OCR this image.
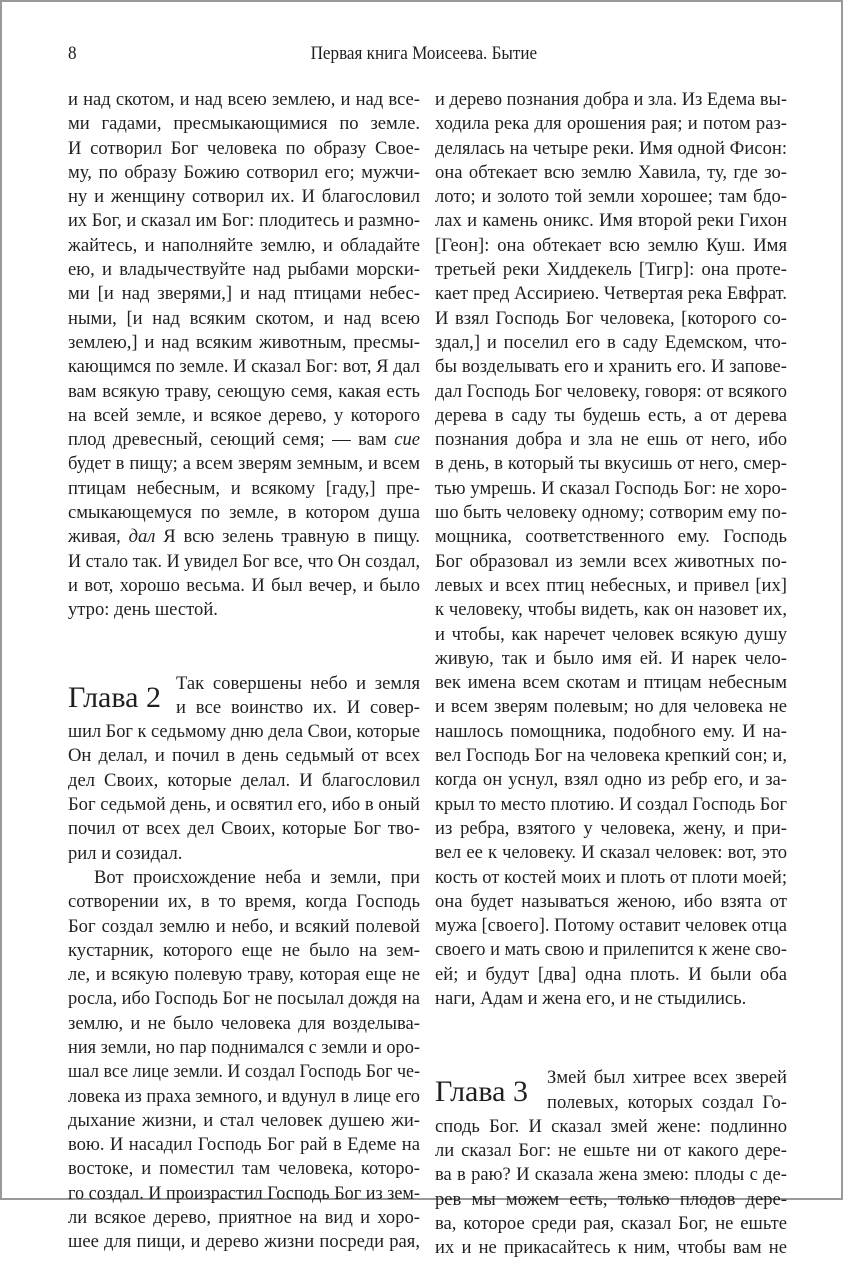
8	Первая книга Моисеева. Бытие
и над скотом, и над всею землею, и над все-
ми гадами, пресмыкающимися по земле.
И сотворил Бог человека по образу Свое-
му, по образу Божию сотворил его; мужчи-
ну и женщину сотворил их. И благословил
их Бог, и сказал им Бог: плодитесь и размно-
жайтесь, и наполняйте землю, и обладайте
ею, и владычествуйте над рыбами морски-
ми [и над зверями,] и над птицами небес-
ными, [и над всяким скотом, и над всею
землею,] и над всяким животным, пресмы-
кающимся по земле. И сказал Бог: вот, Я дал
вам всякую траву, сеющую семя, какая есть
на всей земле, и всякое дерево, у которого
плод древесный, сеющий семя; — вам сие
будет в пищу; а всем зверям земным, и всем
птицам небесным, и всякому [гаду,] пре-
смыкающемуся по земле, в котором душа
живая, дал Я всю зелень травную в пищу.
И стало так. И увидел Бог все, что Он создал,
и вот, хорошо весьма. И был вечер, и было
утро: день шестой.
Глава 2 Так совершены небо и земля
и все воинство их. И совер-
шил Бог к седьмому дню дела Свои, которые
Он делал, и почил в день седьмый от всех
дел Своих, которые делал. И благословил
Бог седьмой день, и освятил его, ибо в оный
почил от всех дел Своих, которые Бог тво-
рил и созидал.
Вот происхождение неба и земли, при
сотворении их, в то время, когда Господь
Бог создал землю и небо, и всякий полевой
кустарник, которого еще не было на зем-
ле, и всякую полевую траву, которая еще не
росла, ибо Господь Бог не посылал дождя на
землю, и не было человека для возделыва-
ния земли, но пар поднимался с земли и оро-
шал все лице земли. И создал Господь Бог че-
ловека из праха земного, и вдунул в лице его
дыхание жизни, и стал человек душею жи-
вою. И насадил Господь Бог рай в Едеме на
востоке, и поместил там человека, которо-
го создал. И произрастил Господь Бог из зем-
ли всякое дерево, приятное на вид и хоро-
шее для пищи, и дерево жизни посреди рая,
и дерево познания добра и зла. Из Едема вы-
ходила река для орошения рая; и потом раз-
делялась на четыре реки. Имя одной Фисон:
она обтекает всю землю Хавила, ту, где зо-
лото; и золото той земли хорошее; там бдо-
лах и камень оникс. Имя второй реки Гихон
[Геон]: она обтекает всю землю Куш. Имя
третьей реки Хиддекель [Тигр]: она проте-
кает пред Ассириею. Четвертая река Евфрат.
И взял Господь Бог человека, [которого со-
здал,] и поселил его в саду Едемском, что-
бы возделывать его и хранить его. И запове-
дал Господь Бог человеку, говоря: от всякого
дерева в саду ты будешь есть, а от дерева
познания добра и зла не ешь от него, ибо
в день, в который ты вкусишь от него, смер-
тью умрешь. И сказал Господь Бог: не хоро-
шо быть человеку одному; сотворим ему по-
мощника, соответственного ему. Господь
Бог образовал из земли всех животных по-
левых и всех птиц небесных, и привел [их]
к человеку, чтобы видеть, как он назовет их,
и чтобы, как наречет человек всякую душу
живую, так и было имя ей. И нарек чело-
век имена всем скотам и птицам небесным
и всем зверям полевым; но для человека не
нашлось помощника, подобного ему. И на-
вел Господь Бог на человека крепкий сон; и,
когда он уснул, взял одно из ребр его, и за-
крыл то место плотию. И создал Господь Бог
из ребра, взятого у человека, жену, и при-
вел ее к человеку. И сказал человек: вот, это
кость от костей моих и плоть от плоти моей;
она будет называться женою, ибо взята от
мужа [своего]. Потому оставит человек отца
своего и мать свою и прилепится к жене сво-
ей; и будут [два] одна плоть. И были оба
наги, Адам и жена его, и не стыдились.
Глава 3	Змей был хитрее всех зверей
полевых, которых создал Го-
сподь Бог. И сказал змей жене: подлинно
ли сказал Бог: не ешьте ни от какого дере-
ва в раю? И сказала жена змею: плоды с де-
рев мы можем есть, только плодов дере-
ва, которое среди рая, сказал Бог, не ешьте
их и не прикасайтесь к ним, чтобы вам не
